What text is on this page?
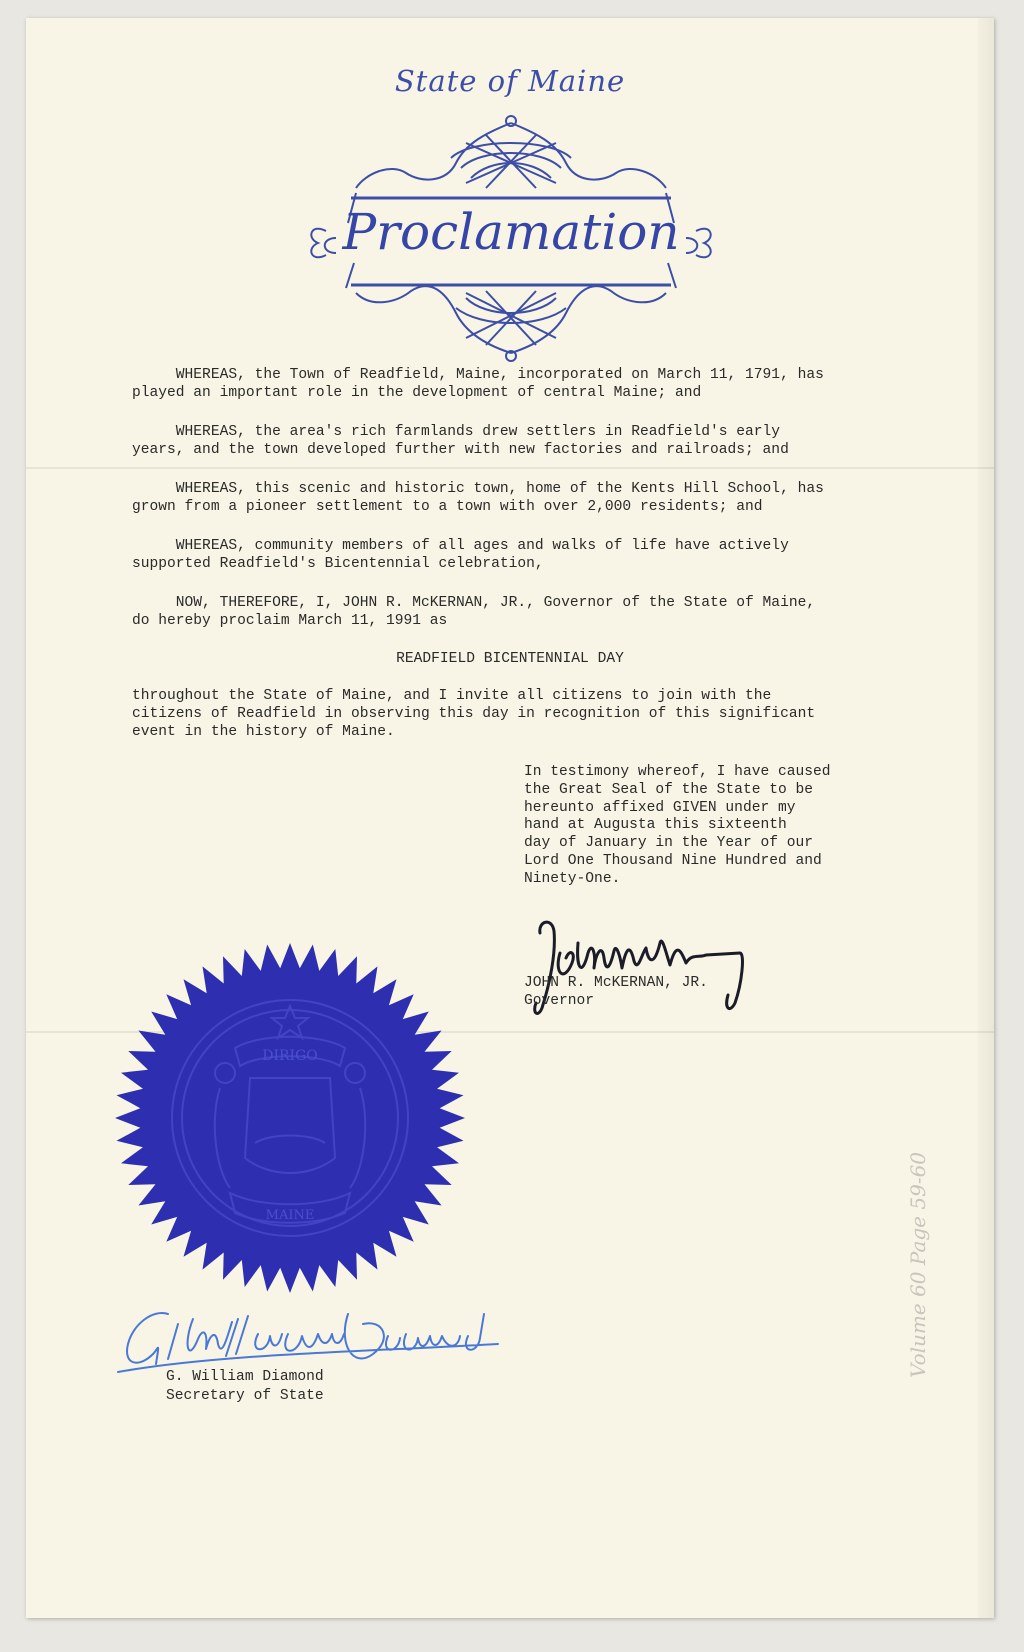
State of Maine
Proclamation
WHEREAS, the Town of Readfield, Maine, incorporated on March 11, 1791, has
played an important role in the development of central Maine; and
WHEREAS, the area's rich farmlands drew settlers in Readfield's early
years, and the town developed further with new factories and railroads; and
WHEREAS, this scenic and historic town, home of the Kents Hill School, has
grown from a pioneer settlement to a town with over 2,000 residents; and
WHEREAS, community members of all ages and walks of life have actively
supported Readfield's Bicentennial celebration,
NOW, THEREFORE, I, JOHN R. McKERNAN, JR., Governor of the State of Maine,
do hereby proclaim March 11, 1991 as
READFIELD BICENTENNIAL DAY
throughout the State of Maine, and I invite all citizens to join with the
citizens of Readfield in observing this day in recognition of this significant
event in the history of Maine.
In testimony whereof, I have caused
the Great Seal of the State to be
hereunto affixed GIVEN under my
hand at Augusta this sixteenth
day of January in the Year of our
Lord One Thousand Nine Hundred and
Ninety-One.
JOHN R. McKERNAN, JR.
Governor
DIRIGO
MAINE
G. William Diamond
Secretary of State
Volume 60 Page 59-60
